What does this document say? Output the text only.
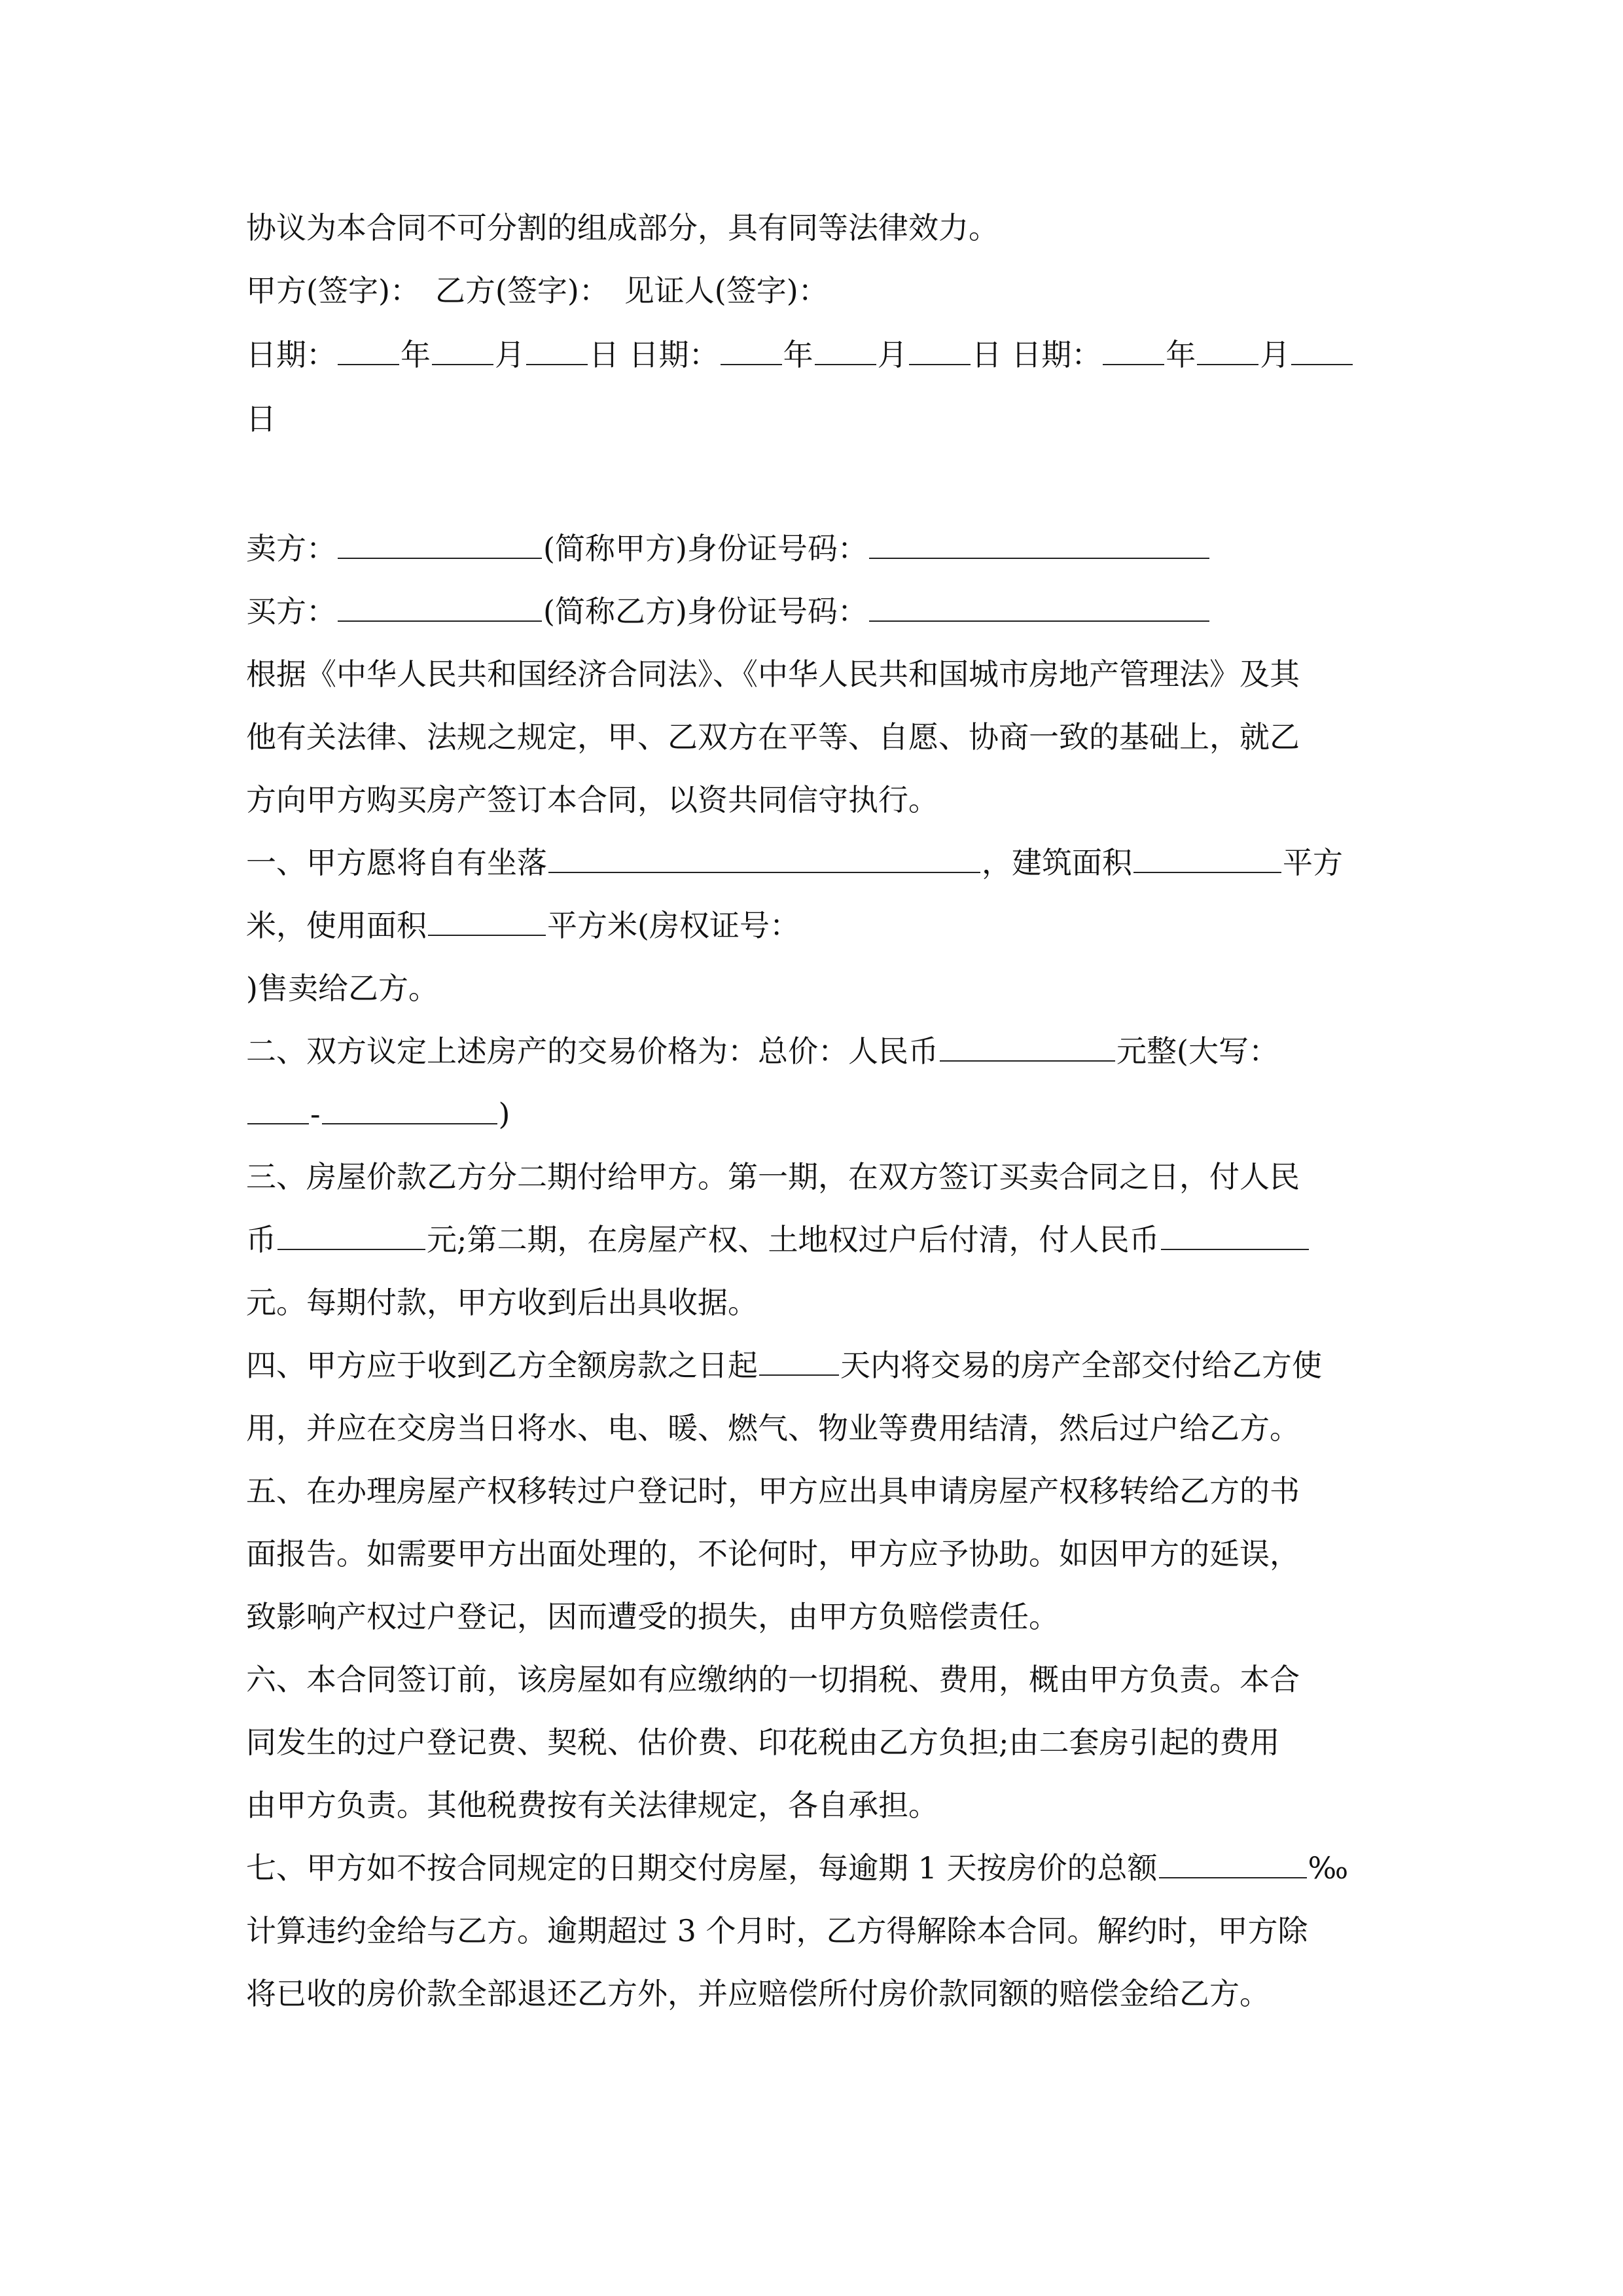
协议为本合同不可分割的组成部分，具有同等法律效力。
甲方(签字)：　乙方(签字)：　见证人(签字)：
日期： 年 月 日 日期： 年 月 日 日期： 年 月
日
卖方：	(简称甲方)身份证号码：
买方：	(简称乙方)身份证号码：
根据《中华人民共和国经济合同法》、《中华人民共和国城市房地产管理法》及其
他有关法律、法规之规定，甲、乙双方在平等、自愿、协商一致的基础上，就乙
方向甲方购买房产签订本合同，以资共同信守执行。
一、甲方愿将自有坐落	，建筑面积	平方
米，使用面积	平方米(房权证号：
)售卖给乙方。
二、双方议定上述房产的交易价格为：总价：人民币	元整(大写：
-	)
三、房屋价款乙方分二期付给甲方。第一期，在双方签订买卖合同之日，付人民
币	元;第二期，在房屋产权、土地权过户后付清，付人民币
元。每期付款，甲方收到后出具收据。
四、甲方应于收到乙方全额房款之日起	天内将交易的房产全部交付给乙方使
用，并应在交房当日将水、电、暖、燃气、物业等费用结清，然后过户给乙方。
五、在办理房屋产权移转过户登记时，甲方应出具申请房屋产权移转给乙方的书
面报告。如需要甲方出面处理的，不论何时，甲方应予协助。如因甲方的延误，
致影响产权过户登记，因而遭受的损失，由甲方负赔偿责任。
六、本合同签订前，该房屋如有应缴纳的一切捐税、费用，概由甲方负责。本合
同发生的过户登记费、契税、估价费、印花税由乙方负担;由二套房引起的费用
由甲方负责。其他税费按有关法律规定，各自承担。
七、甲方如不按合同规定的日期交付房屋，每逾期 1 天按房价的总额	‰
计算违约金给与乙方。逾期超过 3 个月时，乙方得解除本合同。解约时，甲方除
将已收的房价款全部退还乙方外，并应赔偿所付房价款同额的赔偿金给乙方。
